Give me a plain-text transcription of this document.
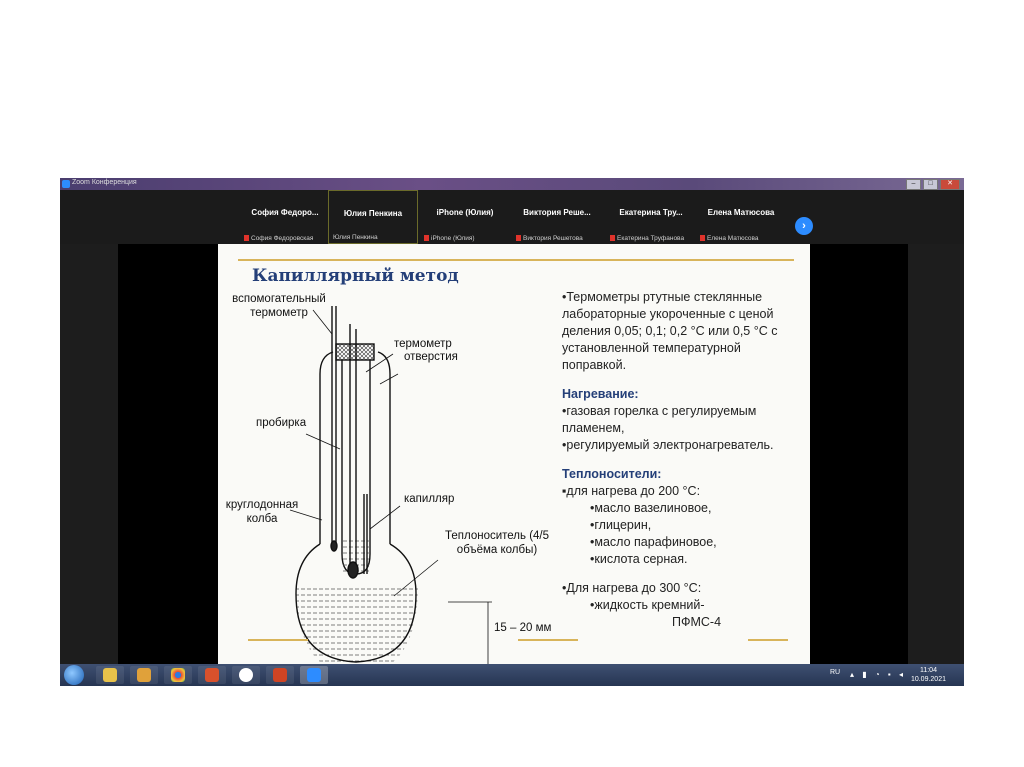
Zoom Конференция	–	□	✕
София Федоро...
София Федоровская
Юлия Пенкина
Юлия Пенкина
iPhone (Юлия)
iPhone (Юлия)
Виктория Реше...
Виктория Решетова
Екатерина Тру...
Екатерина Труфанова
Елена Матюсова
Елена Матюсова
›
Капиллярный метод
вспомогательный термометр
термометр
отверстия
пробирка
капилляр
круглодонная колба
Теплоноситель (4/5 объёма колбы)
15 – 20 мм

•Термометры ртутные стеклянные лабораторные укороченные с ценой деления 0,05; 0,1; 0,2 °С или 0,5 °С с установленной температурной поправкой.

Нагревание:

•газовая горелка с регулируемым пламенем,

•регулируемый электронагреватель.

Теплоносители:

▪для нагрева до 200 °С:

•масло вазелиновое,

•глицерин,

•масло парафиновое,

•кислота серная.

•Для нагрева до 300 °С:

•жидкость кремний-

ПФМС-4

RU ▴ ▮ ◔ ▪ ◂	11:04
10.09.2021
